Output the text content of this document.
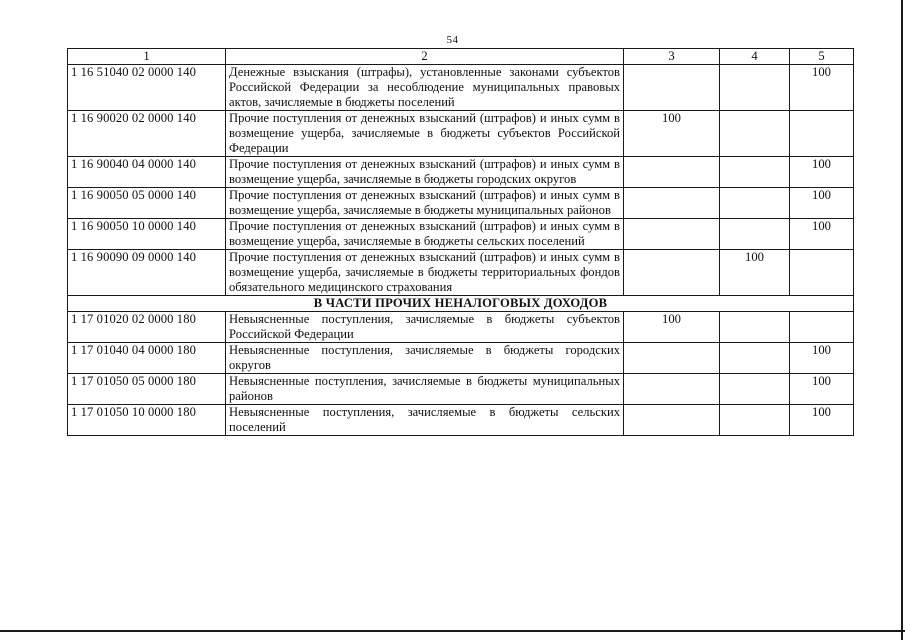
54
1	2	3	4	5
1 16 51040 02 0000 140	Денежные взыскания (штрафы), установленные законами субъектов Российской Федерации за несоблюдение муниципальных правовых актов, зачисляемые в бюджеты поселений			100
1 16 90020 02 0000 140	Прочие поступления от денежных взысканий (штрафов) и иных сумм в возмещение ущерба, зачисляемые в бюджеты субъектов Российской Федерации	100		
1 16 90040 04 0000 140	Прочие поступления от денежных взысканий (штрафов) и иных сумм в возмещение ущерба, зачисляемые в бюджеты городских округов			100
1 16 90050 05 0000 140	Прочие поступления от денежных взысканий (штрафов) и иных сумм в возмещение ущерба, зачисляемые в бюджеты муниципальных районов			100
1 16 90050 10 0000 140	Прочие поступления от денежных взысканий (штрафов) и иных сумм в возмещение ущерба, зачисляемые в бюджеты сельских поселений			100
1 16 90090 09 0000 140	Прочие поступления от денежных взысканий (штрафов) и иных сумм в возмещение ущерба, зачисляемые в бюджеты территориальных фондов обязательного медицинского страхования		100	
В ЧАСТИ ПРОЧИХ НЕНАЛОГОВЫХ ДОХОДОВ				
1 17 01020 02 0000 180	Невыясненные поступления, зачисляемые в бюджеты субъектов Российской Федерации	100		
1 17 01040 04 0000 180	Невыясненные поступления, зачисляемые в бюджеты городских округов			100
1 17 01050 05 0000 180	Невыясненные поступления, зачисляемые в бюджеты муниципальных районов			100
1 17 01050 10 0000 180	Невыясненные поступления, зачисляемые в бюджеты сельских поселений			100
